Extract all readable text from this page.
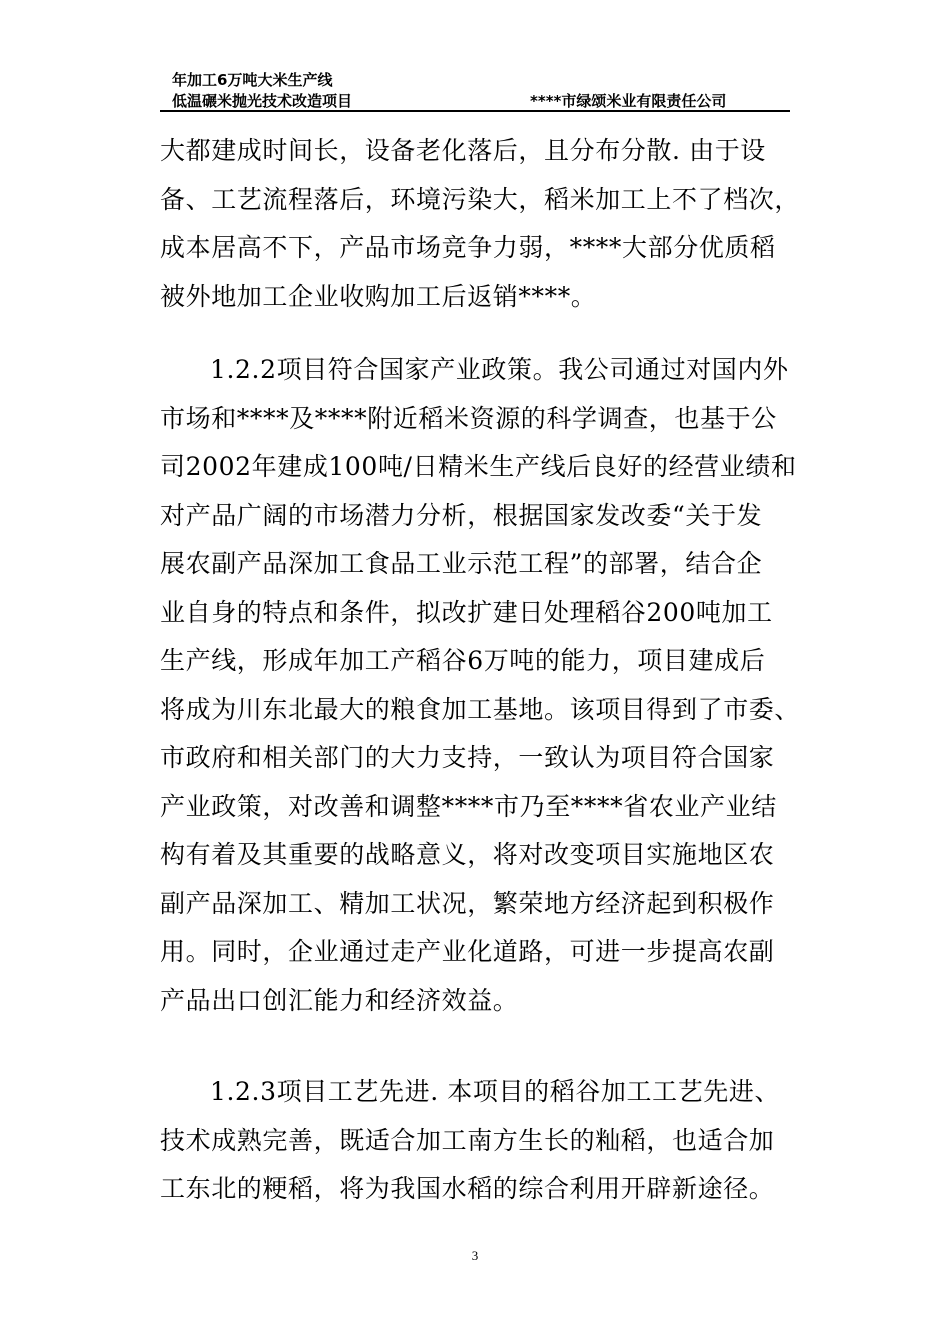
年加工6万吨大米生产线
低温碾米抛光技术改造项目	****市绿颂米业有限责任公司
大都建成时间长，设备老化落后，且分布分散. 由于设
备、工艺流程落后，环境污染大，稻米加工上不了档次，
成本居高不下，产品市场竞争力弱，****大部分优质稻
被外地加工企业收购加工后返销****。
1.2.2项目符合国家产业政策。我公司通过对国内外
市场和****及****附近稻米资源的科学调查，也基于公
司2002年建成100吨/日精米生产线后良好的经营业绩和
对产品广阔的市场潜力分析，根据国家发改委“关于发
展农副产品深加工食品工业示范工程”的部署，结合企
业自身的特点和条件，拟改扩建日处理稻谷200吨加工
生产线，形成年加工产稻谷6万吨的能力，项目建成后
将成为川东北最大的粮食加工基地。该项目得到了市委、
市政府和相关部门的大力支持，一致认为项目符合国家
产业政策，对改善和调整****市乃至****省农业产业结
构有着及其重要的战略意义，将对改变项目实施地区农
副产品深加工、精加工状况，繁荣地方经济起到积极作
用。同时，企业通过走产业化道路，可进一步提高农副
产品出口创汇能力和经济效益。
1.2.3项目工艺先进. 本项目的稻谷加工工艺先进、
技术成熟完善，既适合加工南方生长的籼稻，也适合加
工东北的粳稻，将为我国水稻的综合利用开辟新途径。
3
